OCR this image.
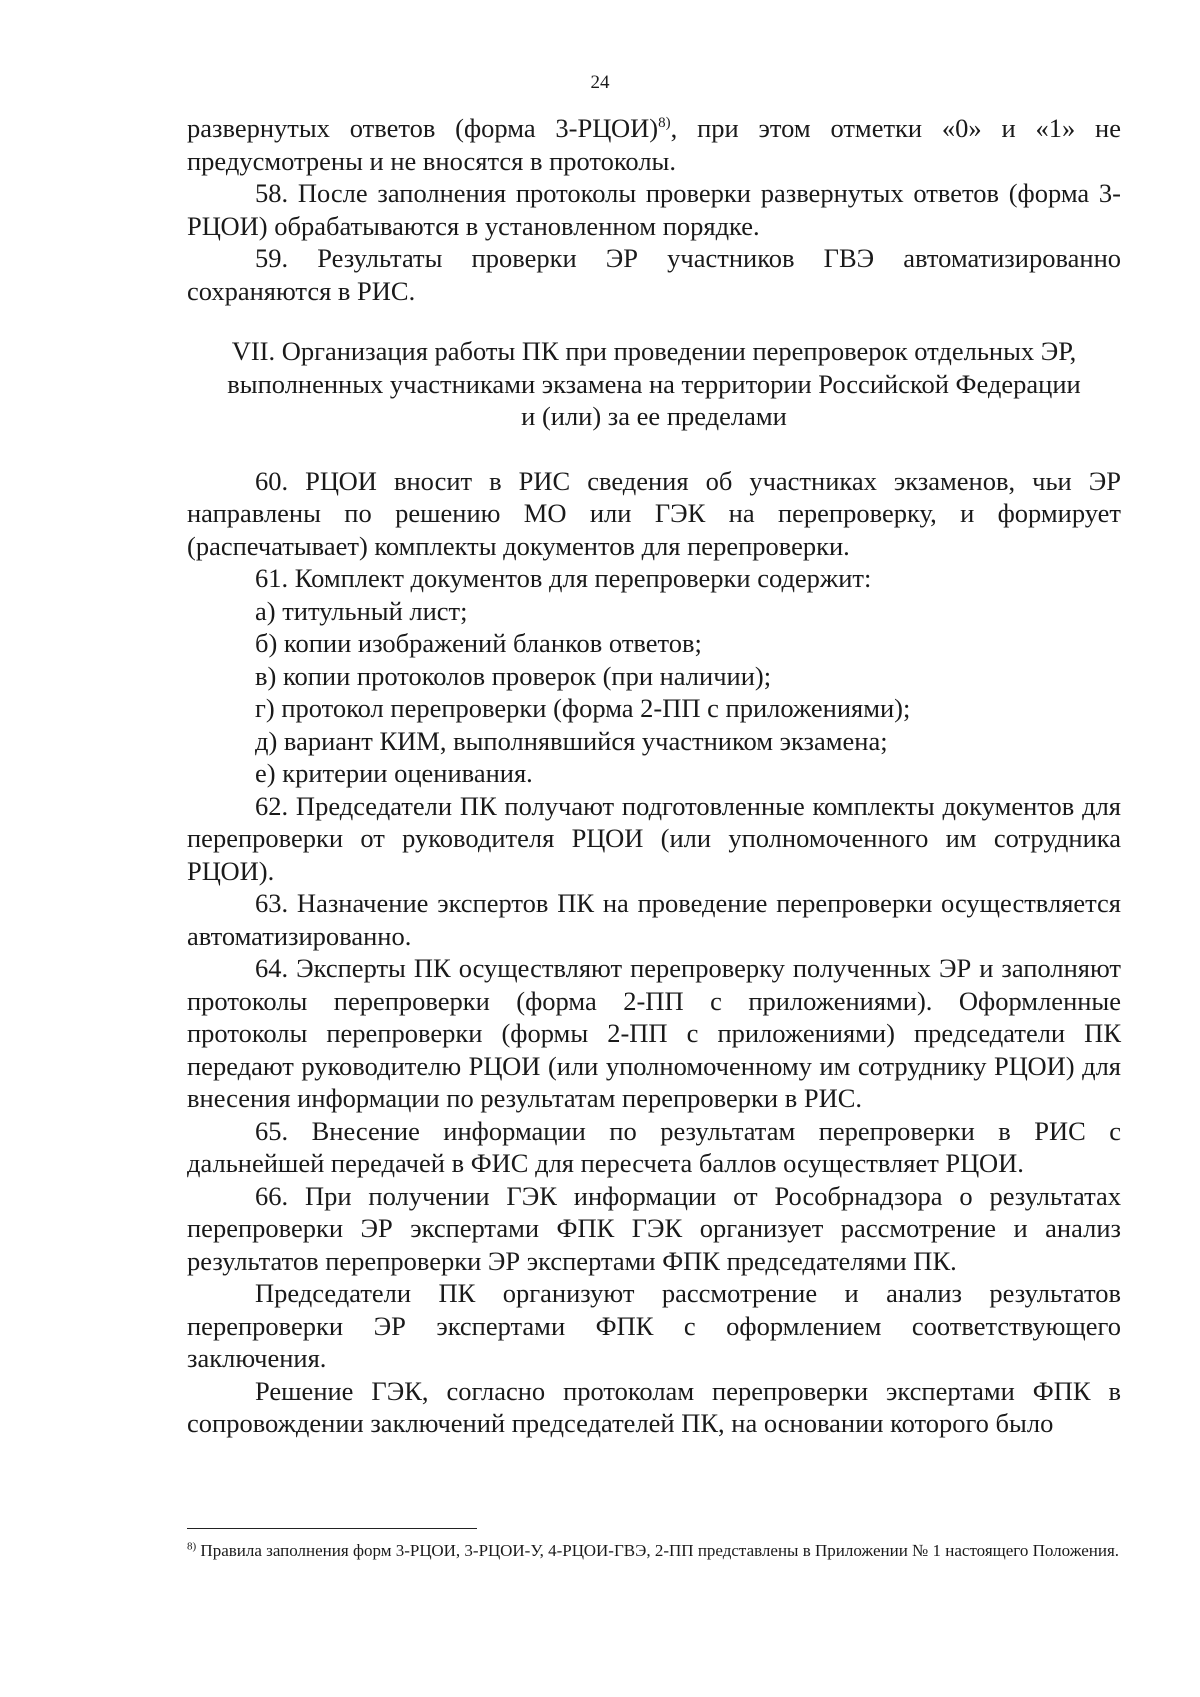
24

развернутых ответов (форма 3-РЦОИ)$^{8)}$, при этом отметки «0» и «1» не предусмотрены и не вносятся в протоколы.

58. После заполнения протоколы проверки развернутых ответов (форма 3-РЦОИ) обрабатываются в установленном порядке.

59. Результаты проверки ЭР участников ГВЭ автоматизированно сохраняются в РИС.

VII. Организация работы ПК при проведении перепроверок отдельных ЭР, выполненных участниками экзамена на территории Российской Федерации и (или) за ее пределами

60. РЦОИ вносит в РИС сведения об участниках экзаменов, чьи ЭР направлены по решению МО или ГЭК на перепроверку, и формирует (распечатывает) комплекты документов для перепроверки.

61. Комплект документов для перепроверки содержит:

а) титульный лист;

б) копии изображений бланков ответов;

в) копии протоколов проверок (при наличии);

г) протокол перепроверки (форма 2-ПП с приложениями);

д) вариант КИМ, выполнявшийся участником экзамена;

е) критерии оценивания.

62. Председатели ПК получают подготовленные комплекты документов для перепроверки от руководителя РЦОИ (или уполномоченного им сотрудника РЦОИ).

63. Назначение экспертов ПК на проведение перепроверки осуществляется автоматизированно.

64. Эксперты ПК осуществляют перепроверку полученных ЭР и заполняют протоколы перепроверки (форма 2-ПП с приложениями). Оформленные протоколы перепроверки (формы 2-ПП с приложениями) председатели ПК передают руководителю РЦОИ (или уполномоченному им сотруднику РЦОИ) для внесения информации по результатам перепроверки в РИС.

65. Внесение информации по результатам перепроверки в РИС с дальнейшей передачей в ФИС для пересчета баллов осуществляет РЦОИ.

66. При получении ГЭК информации от Рособрнадзора о результатах перепроверки ЭР экспертами ФПК ГЭК организует рассмотрение и анализ результатов перепроверки ЭР экспертами ФПК председателями ПК.

Председатели ПК организуют рассмотрение и анализ результатов перепроверки ЭР экспертами ФПК с оформлением соответствующего заключения.

Решение ГЭК, согласно протоколам перепроверки экспертами ФПК в сопровождении заключений председателей ПК, на основании которого было

$^{8)}$ Правила заполнения форм 3-РЦОИ, 3-РЦОИ-У, 4-РЦОИ-ГВЭ, 2-ПП представлены в Приложении № 1 настоящего Положения.
